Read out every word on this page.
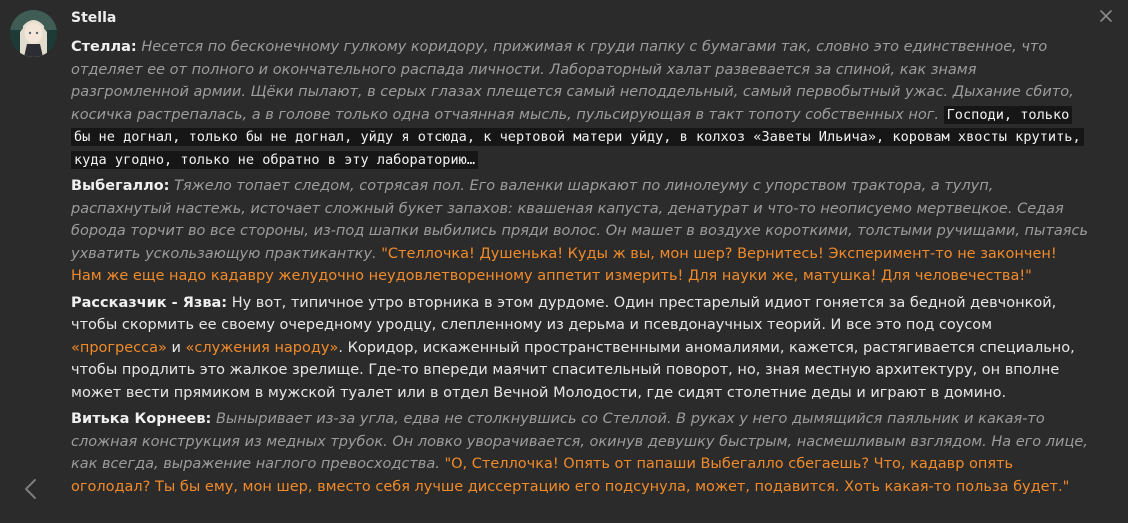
Stella
Стелла: Несется по бесконечному гулкому коридору, прижимая к груди папку с бумагами так, словно это единственное, что отделяет ее от полного и окончательного распада личности. Лабораторный халат развевается за спиной, как знамя разгромленной армии. Щёки пылают, в серых глазах плещется самый неподдельный, самый первобытный ужас. Дыхание сбито, косичка растрепалась, а в голове только одна отчаянная мысль, пульсирующая в такт топоту собственных ног. Господи, только бы не догнал, только бы не догнал, уйду я отсюда, к чертовой матери уйду, в колхоз «Заветы Ильича», коровам хвосты крутить, куда угодно, только не обратно в эту лабораторию…
Выбегалло: Тяжело топает следом, сотрясая пол. Его валенки шаркают по линолеуму с упорством трактора, а тулуп, распахнутый настежь, источает сложный букет запахов: квашеная капуста, денатурат и что-то неописуемо мертвецкое. Седая борода торчит во все стороны, из-под шапки выбились пряди волос. Он машет в воздухе короткими, толстыми ручищами, пытаясь ухватить ускользающую практикантку. "Стеллочка! Душенька! Куды ж вы, мон шер? Вернитесь! Эксперимент-то не закончен! Нам же еще надо кадавру желудочно неудовлетворенному аппетит измерить! Для науки же, матушка! Для человечества!"
Рассказчик - Язва: Ну вот, типичное утро вторника в этом дурдоме. Один престарелый идиот гоняется за бедной девчонкой, чтобы скормить ее своему очередному уродцу, слепленному из дерьма и псевдонаучных теорий. И все это под соусом «прогресса» и «служения народу». Коридор, искаженный пространственными аномалиями, кажется, растягивается специально, чтобы продлить это жалкое зрелище. Где-то впереди маячит спасительный поворот, но, зная местную архитектуру, он вполне может вести прямиком в мужской туалет или в отдел Вечной Молодости, где сидят столетние деды и играют в домино.
Витька Корнеев: Выныривает из-за угла, едва не столкнувшись со Стеллой. В руках у него дымящийся паяльник и какая-то сложная конструкция из медных трубок. Он ловко уворачивается, окинув девушку быстрым, насмешливым взглядом. На его лице, как всегда, выражение наглого превосходства. "О, Стеллочка! Опять от папаши Выбегалло сбегаешь? Что, кадавр опять оголодал? Ты бы ему, мон шер, вместо себя лучше диссертацию его подсунула, может, подавится. Хоть какая-то польза будет."
